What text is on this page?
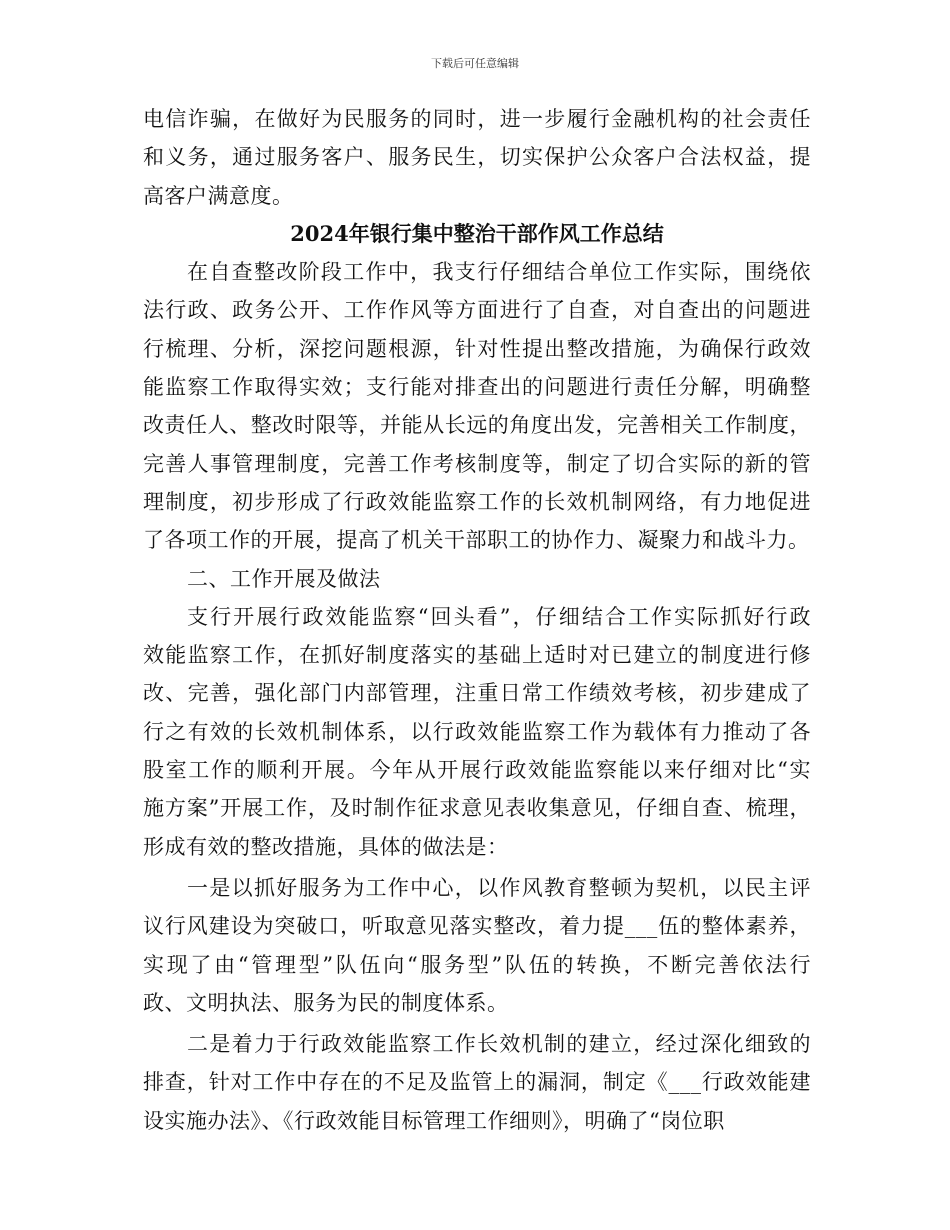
下载后可任意编辑
电信诈骗，在做好为民服务的同时，进一步履行金融机构的社会责任
和义务，通过服务客户、服务民生，切实保护公众客户合法权益，提
高客户满意度。
2024年银行集中整治干部作风工作总结
在自查整改阶段工作中，我支行仔细结合单位工作实际，围绕依
法行政、政务公开、工作作风等方面进行了自查，对自查出的问题进
行梳理、分析，深挖问题根源，针对性提出整改措施，为确保行政效
能监察工作取得实效；支行能对排查出的问题进行责任分解，明确整
改责任人、整改时限等，并能从长远的角度出发，完善相关工作制度，
完善人事管理制度，完善工作考核制度等，制定了切合实际的新的管
理制度，初步形成了行政效能监察工作的长效机制网络，有力地促进
了各项工作的开展，提高了机关干部职工的协作力、凝聚力和战斗力。
二、工作开展及做法
支行开展行政效能监察“回头看”，仔细结合工作实际抓好行政
效能监察工作，在抓好制度落实的基础上适时对已建立的制度进行修
改、完善，强化部门内部管理，注重日常工作绩效考核，初步建成了
行之有效的长效机制体系，以行政效能监察工作为载体有力推动了各
股室工作的顺利开展。今年从开展行政效能监察能以来仔细对比“实
施方案”开展工作，及时制作征求意见表收集意见，仔细自查、梳理，
形成有效的整改措施，具体的做法是：
一是以抓好服务为工作中心，以作风教育整顿为契机，以民主评
议行风建设为突破口，听取意见落实整改，着力提___伍的整体素养，
实现了由“管理型”队伍向“服务型”队伍的转换，不断完善依法行
政、文明执法、服务为民的制度体系。
二是着力于行政效能监察工作长效机制的建立，经过深化细致的
排查，针对工作中存在的不足及监管上的漏洞，制定《___行政效能建
设实施办法》、《行政效能目标管理工作细则》，明确了“岗位职
